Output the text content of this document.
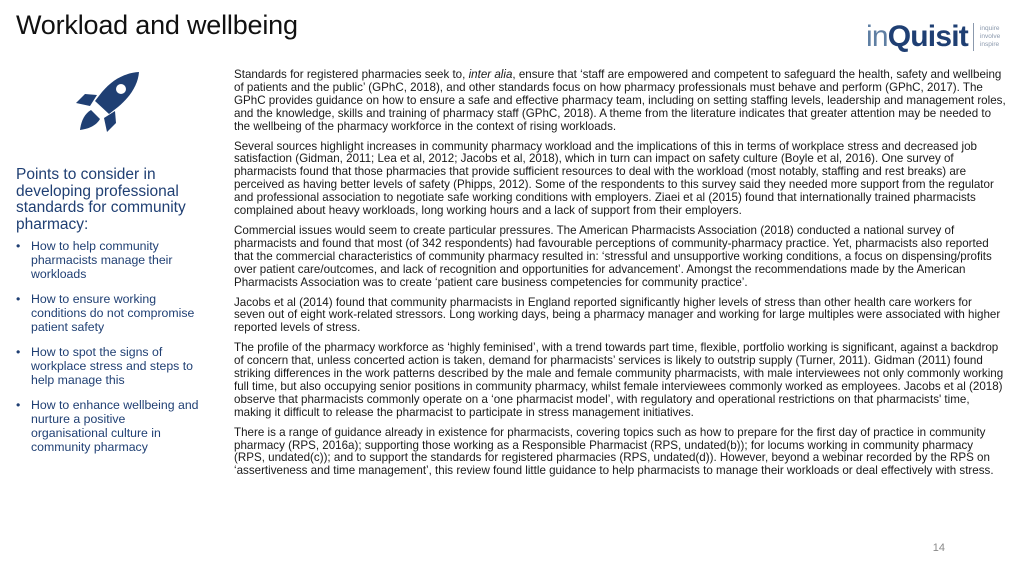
Workload and wellbeing	inQuisit inquire
involve
inspire
Points to consider in developing professional standards for community pharmacy:
• How to help community pharmacists manage their workloads
• How to ensure working conditions do not compromise patient safety
• How to spot the signs of workplace stress and steps to help manage this
• How to enhance wellbeing and nurture a positive organisational culture in community pharmacy

Standards for registered pharmacies seek to, inter alia, ensure that ‘staff are empowered and competent to safeguard the health, safety and wellbeing of patients and the public’ (GPhC, 2018), and other standards focus on how pharmacy professionals must behave and perform (GPhC, 2017). The GPhC provides guidance on how to ensure a safe and effective pharmacy team, including on setting staffing levels, leadership and management roles, and the knowledge, skills and training of pharmacy staff (GPhC, 2018). A theme from the literature indicates that greater attention may be needed to the wellbeing of the pharmacy workforce in the context of rising workloads.

Several sources highlight increases in community pharmacy workload and the implications of this in terms of workplace stress and decreased job satisfaction (Gidman, 2011; Lea et al, 2012; Jacobs et al, 2018), which in turn can impact on safety culture (Boyle et al, 2016). One survey of pharmacists found that those pharmacies that provide sufficient resources to deal with the workload (most notably, staffing and rest breaks) are perceived as having better levels of safety (Phipps, 2012). Some of the respondents to this survey said they needed more support from the regulator and professional association to negotiate safe working conditions with employers. Ziaei et al (2015) found that internationally trained pharmacists complained about heavy workloads, long working hours and a lack of support from their employers.

Commercial issues would seem to create particular pressures. The American Pharmacists Association (2018) conducted a national survey of pharmacists and found that most (of 342 respondents) had favourable perceptions of community-pharmacy practice. Yet, pharmacists also reported that the commercial characteristics of community pharmacy resulted in: ‘stressful and unsupportive working conditions, a focus on dispensing/profits over patient care/outcomes, and lack of recognition and opportunities for advancement’. Amongst the recommendations made by the American Pharmacists Association was to create ‘patient care business competencies for community practice’.

Jacobs et al (2014) found that community pharmacists in England reported significantly higher levels of stress than other health care workers for seven out of eight work-related stressors. Long working days, being a pharmacy manager and working for large multiples were associated with higher reported levels of stress.

The profile of the pharmacy workforce as ‘highly feminised’, with a trend towards part time, flexible, portfolio working is significant, against a backdrop of concern that, unless concerted action is taken, demand for pharmacists’ services is likely to outstrip supply (Turner, 2011). Gidman (2011) found striking differences in the work patterns described by the male and female community pharmacists, with male interviewees not only commonly working full time, but also occupying senior positions in community pharmacy, whilst female interviewees commonly worked as employees. Jacobs et al (2018) observe that pharmacists commonly operate on a ‘one pharmacist model’, with regulatory and operational restrictions on that pharmacists' time, making it difficult to release the pharmacist to participate in stress management initiatives.

There is a range of guidance already in existence for pharmacists, covering topics such as how to prepare for the first day of practice in community pharmacy (RPS, 2016a); supporting those working as a Responsible Pharmacist (RPS, undated(b)); for locums working in community pharmacy (RPS, undated(c)); and to support the standards for registered pharmacies (RPS, undated(d)). However, beyond a webinar recorded by the RPS on ‘assertiveness and time management’, this review found little guidance to help pharmacists to manage their workloads or deal effectively with stress.

14
